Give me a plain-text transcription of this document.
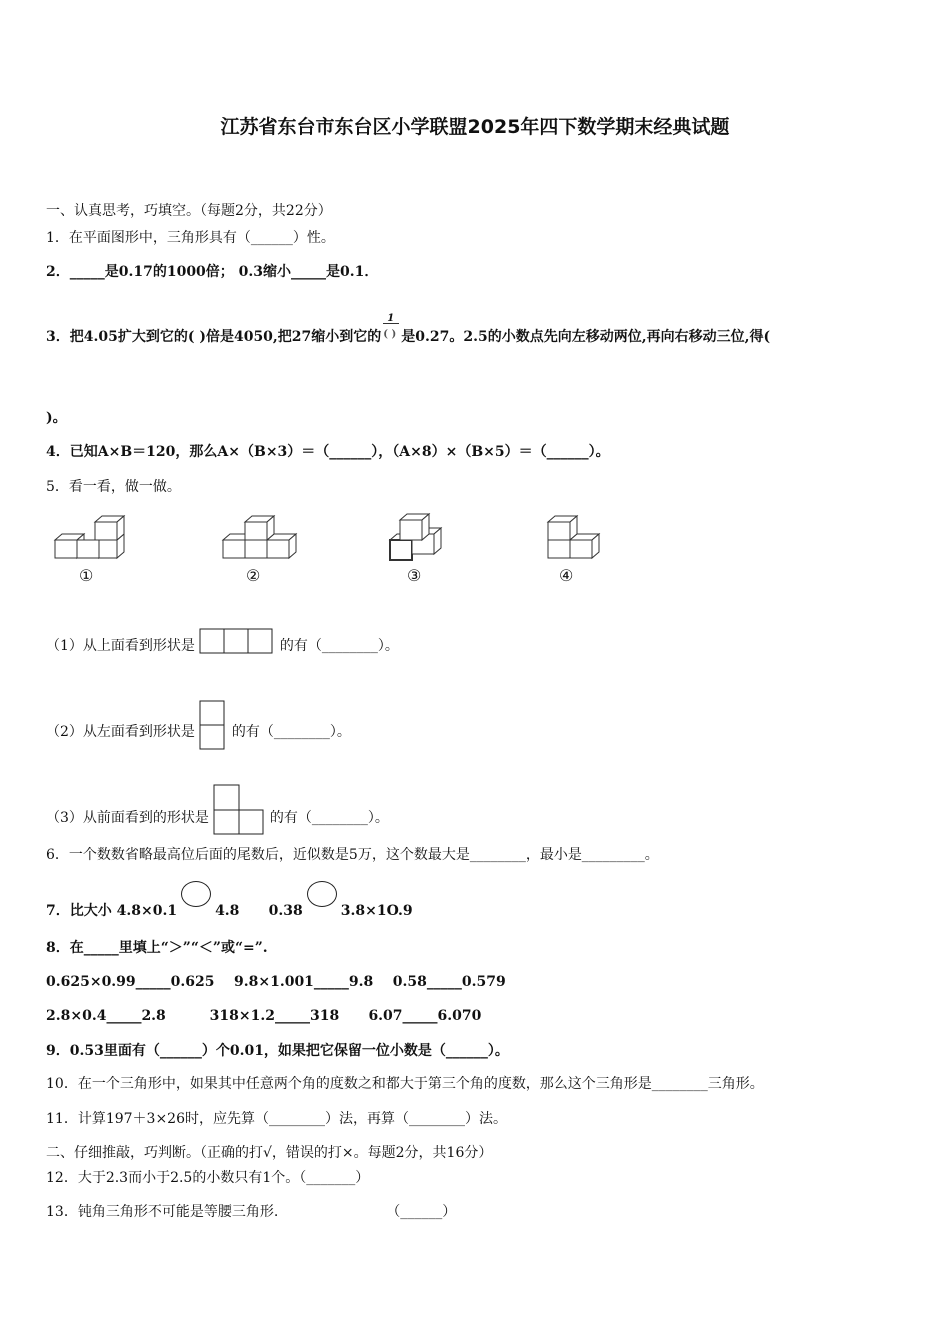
江苏省东台市东台区小学联盟2025年四下数学期末经典试题
一、认真思考，巧填空。（每题2分，共22分）
1．在平面图形中，三角形具有（______）性。
2．_____是0.17的1000倍； 0.3缩小_____是0.1．
3．把4.05扩大到它的( )倍是4050,把27缩小到它的 $\frac{1}{( )}$ 是0.27。2.5的小数点先向左移动两位,再向右移动三位,得(
)。
4．已知A×B＝120，那么A×（B×3）＝（______），（A×8）×（B×5）＝（______）。
5．看一看，做一做。
①	②	③	④
（1）从上面看到形状是	的有（________）。
（2）从左面看到形状是	的有（________）。
（3）从前面看到的形状是	的有（________）。
6．一个数数省略最高位后面的尾数后，近似数是5万，这个数最大是________，最小是_________。
7．比大小 4.8×0.1	4.8      0.38	3.8×1O.9
8．在_____里填上“＞”“＜”或“=”.
0.625×0.99_____0.625    9.8×1.001_____9.8    0.58_____0.579
2.8×0.4_____2.8         318×1.2_____318      6.07_____6.070
9．0.53里面有（______）个0.01，如果把它保留一位小数是（______）。
10．在一个三角形中，如果其中任意两个角的度数之和都大于第三个角的度数，那么这个三角形是________三角形。
11．计算197＋3×26时，应先算（________）法，再算（________）法。
二、仔细推敲，巧判断。（正确的打√，错误的打×。每题2分，共16分）
12．大于2.3而小于2.5的小数只有1个。（_______）
13．钝角三角形不可能是等腰三角形.	（______）
